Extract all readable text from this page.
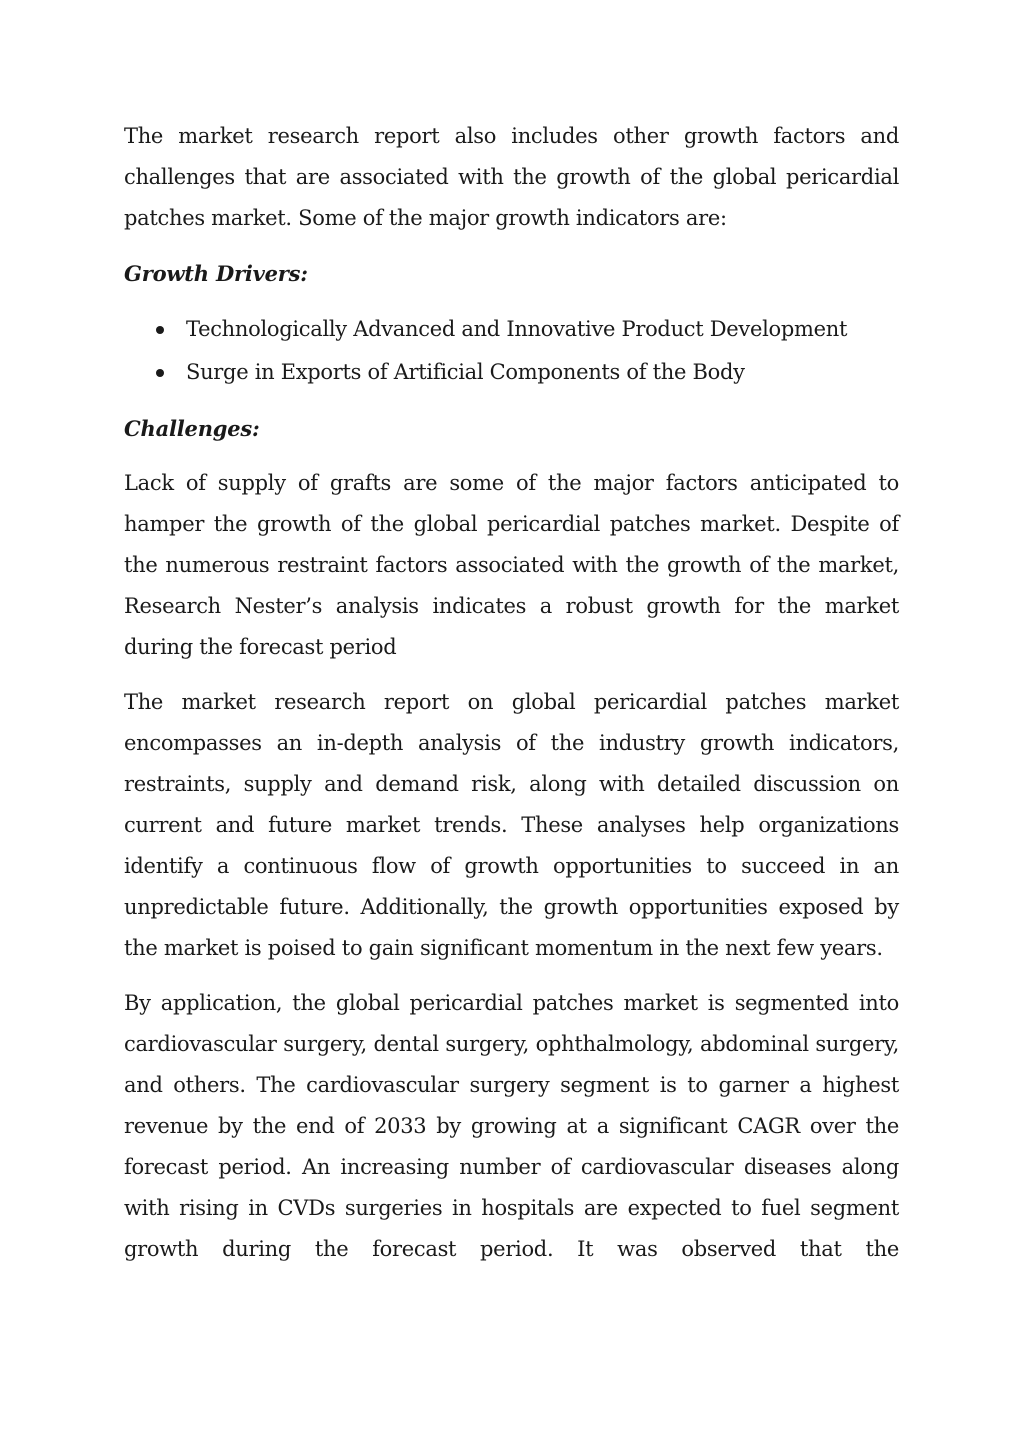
The market research report also includes other growth factors and challenges that are associated with the growth of the global pericardial patches market. Some of the major growth indicators are:

Growth Drivers:
Technologically Advanced and Innovative Product Development
Surge in Exports of Artificial Components of the Body
Challenges:

Lack of supply of grafts are some of the major factors anticipated to hamper the growth of the global pericardial patches market. Despite of the numerous restraint factors associated with the growth of the market, Research Nester’s analysis indicates a robust growth for the market during the forecast period

The market research report on global pericardial patches market encompasses an in-depth analysis of the industry growth indicators, restraints, supply and demand risk, along with detailed discussion on current and future market trends. These analyses help organizations identify a continuous flow of growth opportunities to succeed in an unpredictable future. Additionally, the growth opportunities exposed by the market is poised to gain significant momentum in the next few years.

By application, the global pericardial patches market is segmented into cardiovascular surgery, dental surgery, ophthalmology, abdominal surgery, and others. The cardiovascular surgery segment is to garner a highest revenue by the end of 2033 by growing at a significant CAGR over the forecast period. An increasing number of cardiovascular diseases along with rising in CVDs surgeries in hospitals are expected to fuel segment growth during the forecast period. It was observed that the
